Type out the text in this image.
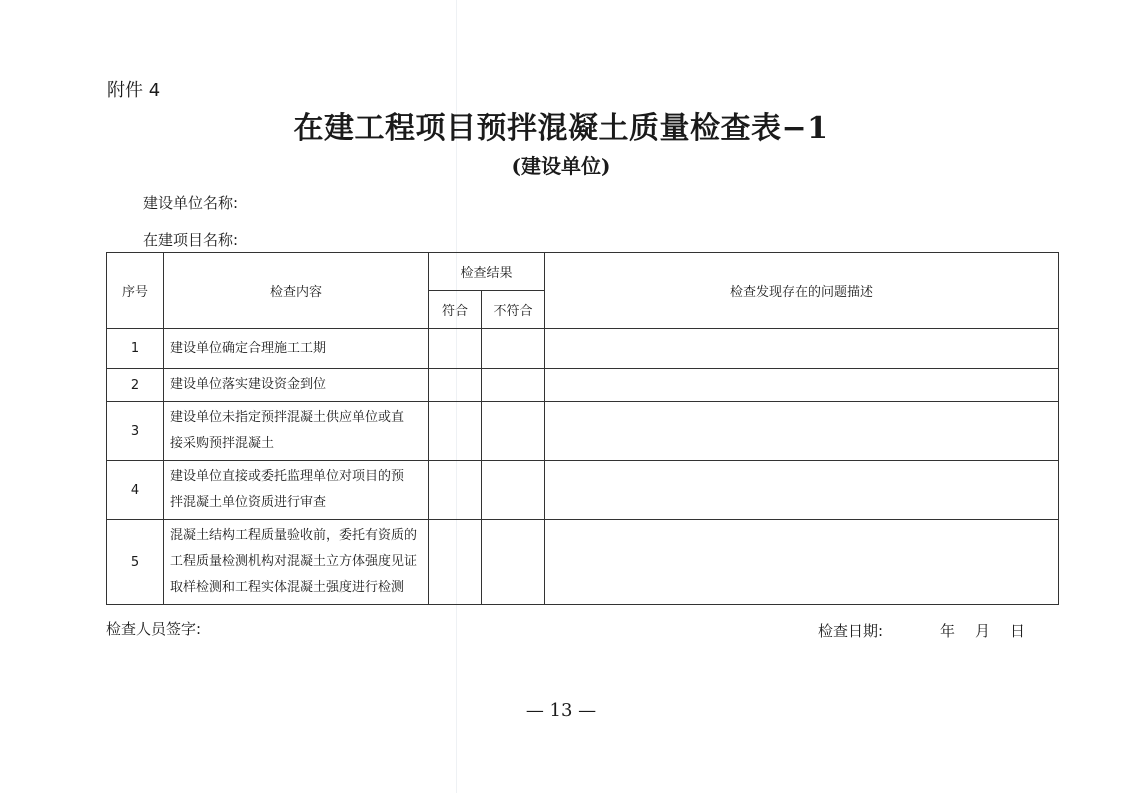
附件 4
在建工程项目预拌混凝土质量检查表−1
(建设单位)
建设单位名称:
在建项目名称:
序号	检查内容	检查结果		检查发现存在的问题描述
		符合	不符合	
1	建设单位确定合理施工工期			

2	建设单位落实建设资金到位			

3	建设单位未指定预拌混凝土供应单位或直
接采购预拌混凝土			

4	建设单位直接或委托监理单位对项目的预
拌混凝土单位资质进行审查			

5	混凝土结构工程质量验收前，委托有资质的
工程质量检测机构对混凝土立方体强度见证
取样检测和工程实体混凝土强度进行检测			

检查人员签字:	检查日期:	年 月 日
— 13 —
